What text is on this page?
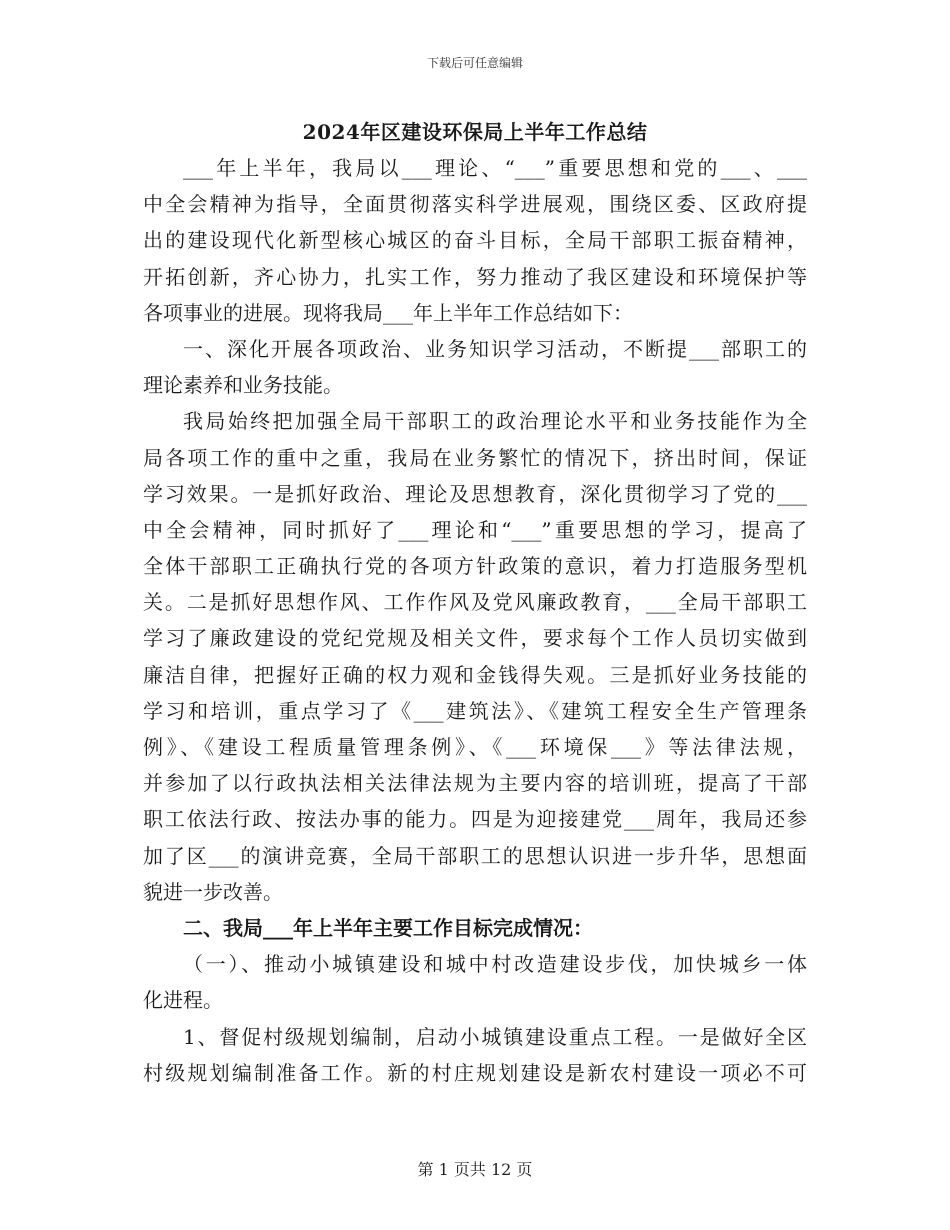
下载后可任意编辑
2024年区建设环保局上半年工作总结
___年上半年，我局以___理论、“___”重要思想和党的___、___
中全会精神为指导，全面贯彻落实科学进展观，围绕区委、区政府提
出的建设现代化新型核心城区的奋斗目标，全局干部职工振奋精神，
开拓创新，齐心协力，扎实工作，努力推动了我区建设和环境保护等
各项事业的进展。现将我局___年上半年工作总结如下：
一、深化开展各项政治、业务知识学习活动，不断提___部职工的
理论素养和业务技能。
我局始终把加强全局干部职工的政治理论水平和业务技能作为全
局各项工作的重中之重，我局在业务繁忙的情况下，挤出时间，保证
学习效果。一是抓好政治、理论及思想教育，深化贯彻学习了党的___
中全会精神，同时抓好了___理论和“___”重要思想的学习，提高了
全体干部职工正确执行党的各项方针政策的意识，着力打造服务型机
关。二是抓好思想作风、工作作风及党风廉政教育，___全局干部职工
学习了廉政建设的党纪党规及相关文件，要求每个工作人员切实做到
廉洁自律，把握好正确的权力观和金钱得失观。三是抓好业务技能的
学习和培训，重点学习了《___建筑法》、《建筑工程安全生产管理条
例》、《建设工程质量管理条例》、《___环境保___》等法律法规，
并参加了以行政执法相关法律法规为主要内容的培训班，提高了干部
职工依法行政、按法办事的能力。四是为迎接建党___周年，我局还参
加了区___的演讲竞赛，全局干部职工的思想认识进一步升华，思想面
貌进一步改善。
二、我局___年上半年主要工作目标完成情况：
（一）、推动小城镇建设和城中村改造建设步伐，加快城乡一体
化进程。
1、督促村级规划编制，启动小城镇建设重点工程。一是做好全区
村级规划编制准备工作。新的村庄规划建设是新农村建设一项必不可
第 1 页共 12 页
